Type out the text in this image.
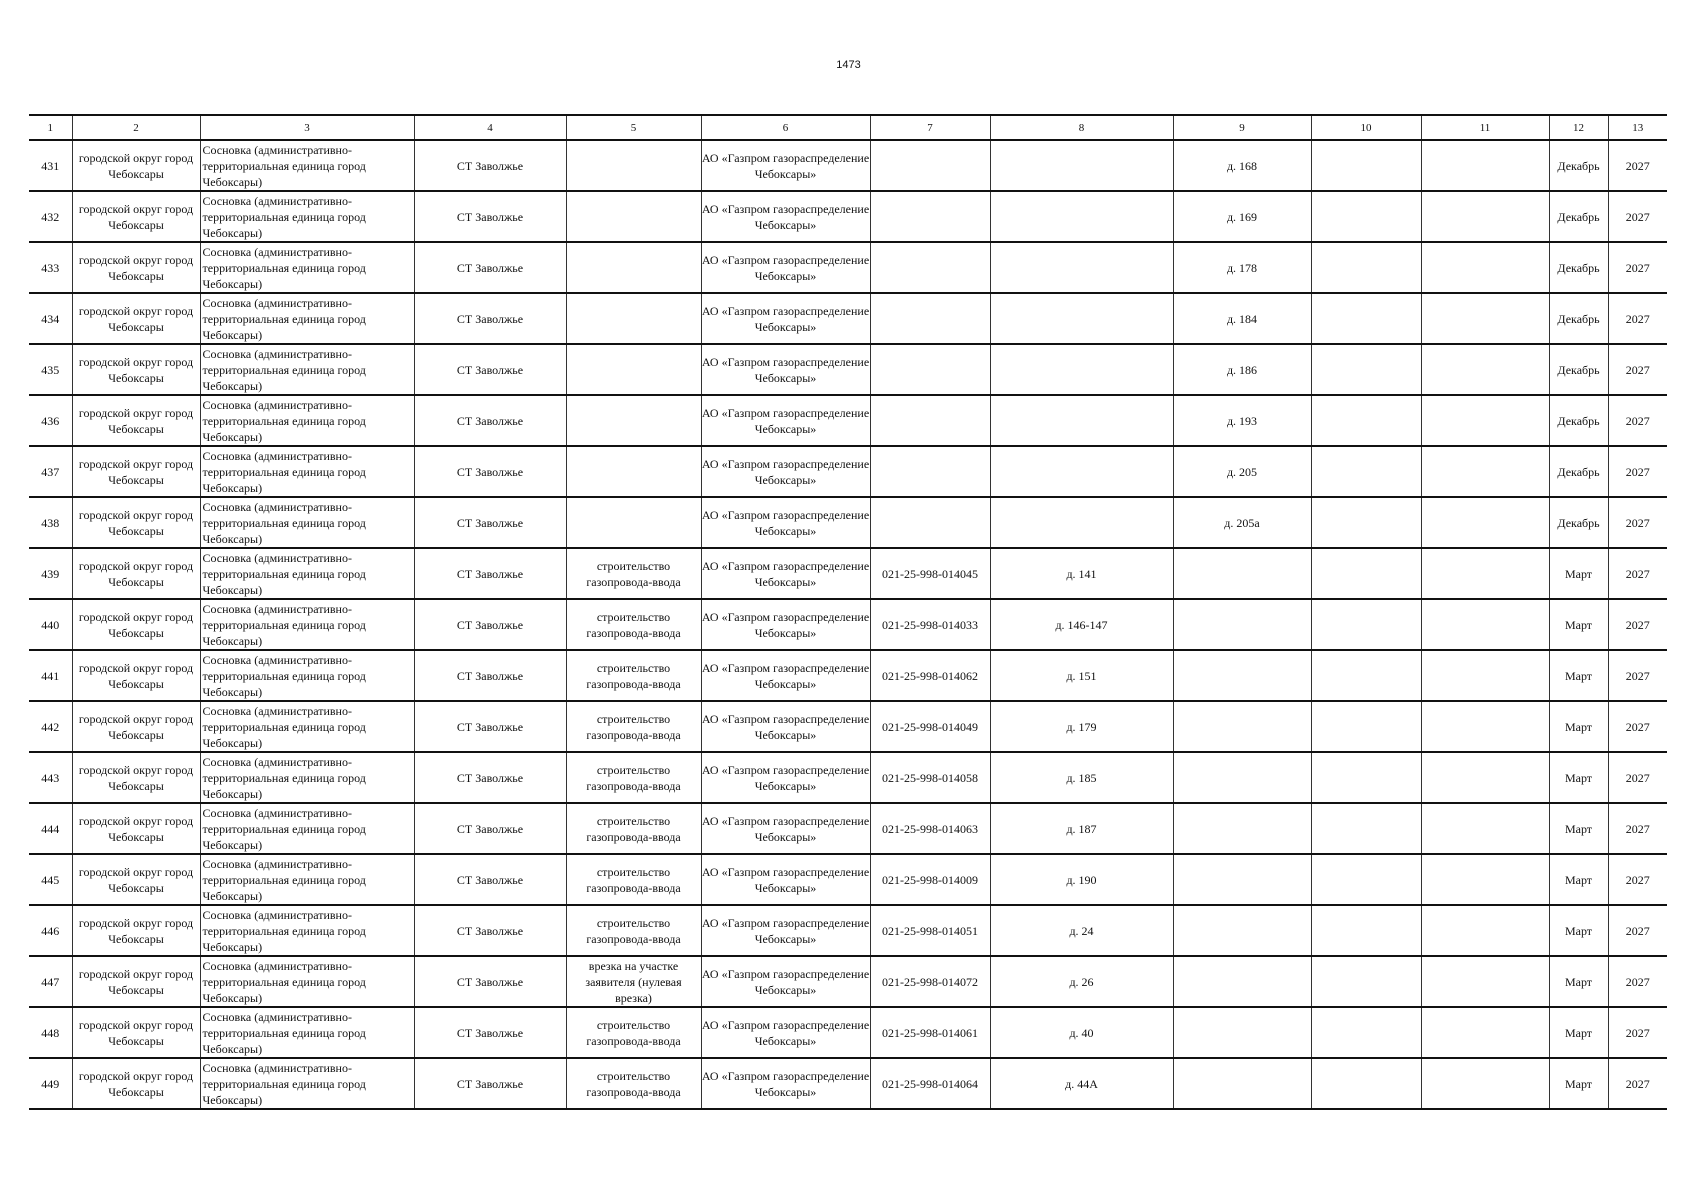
1473
1	2	3	4	5	6	7	8	9	10	11	12	13
431	городской округ город Чебоксары	Сосновка (административно-территориальная единица город Чебоксары)	СТ Заволжье		АО «Газпром газораспределение Чебоксары»			д. 168			Декабрь	2027
432	городской округ город Чебоксары	Сосновка (административно-территориальная единица город Чебоксары)	СТ Заволжье		АО «Газпром газораспределение Чебоксары»			д. 169			Декабрь	2027
433	городской округ город Чебоксары	Сосновка (административно-территориальная единица город Чебоксары)	СТ Заволжье		АО «Газпром газораспределение Чебоксары»			д. 178			Декабрь	2027
434	городской округ город Чебоксары	Сосновка (административно-территориальная единица город Чебоксары)	СТ Заволжье		АО «Газпром газораспределение Чебоксары»			д. 184			Декабрь	2027
435	городской округ город Чебоксары	Сосновка (административно-территориальная единица город Чебоксары)	СТ Заволжье		АО «Газпром газораспределение Чебоксары»			д. 186			Декабрь	2027
436	городской округ город Чебоксары	Сосновка (административно-территориальная единица город Чебоксары)	СТ Заволжье		АО «Газпром газораспределение Чебоксары»			д. 193			Декабрь	2027
437	городской округ город Чебоксары	Сосновка (административно-территориальная единица город Чебоксары)	СТ Заволжье		АО «Газпром газораспределение Чебоксары»			д. 205			Декабрь	2027
438	городской округ город Чебоксары	Сосновка (административно-территориальная единица город Чебоксары)	СТ Заволжье		АО «Газпром газораспределение Чебоксары»			д. 205а			Декабрь	2027
439	городской округ город Чебоксары	Сосновка (административно-территориальная единица город Чебоксары)	СТ Заволжье	строительство газопровода-ввода	АО «Газпром газораспределение Чебоксары»	021-25-998-014045	д. 141				Март	2027
440	городской округ город Чебоксары	Сосновка (административно-территориальная единица город Чебоксары)	СТ Заволжье	строительство газопровода-ввода	АО «Газпром газораспределение Чебоксары»	021-25-998-014033	д. 146-147				Март	2027
441	городской округ город Чебоксары	Сосновка (административно-территориальная единица город Чебоксары)	СТ Заволжье	строительство газопровода-ввода	АО «Газпром газораспределение Чебоксары»	021-25-998-014062	д. 151				Март	2027
442	городской округ город Чебоксары	Сосновка (административно-территориальная единица город Чебоксары)	СТ Заволжье	строительство газопровода-ввода	АО «Газпром газораспределение Чебоксары»	021-25-998-014049	д. 179				Март	2027
443	городской округ город Чебоксары	Сосновка (административно-территориальная единица город Чебоксары)	СТ Заволжье	строительство газопровода-ввода	АО «Газпром газораспределение Чебоксары»	021-25-998-014058	д. 185				Март	2027
444	городской округ город Чебоксары	Сосновка (административно-территориальная единица город Чебоксары)	СТ Заволжье	строительство газопровода-ввода	АО «Газпром газораспределение Чебоксары»	021-25-998-014063	д. 187				Март	2027
445	городской округ город Чебоксары	Сосновка (административно-территориальная единица город Чебоксары)	СТ Заволжье	строительство газопровода-ввода	АО «Газпром газораспределение Чебоксары»	021-25-998-014009	д. 190				Март	2027
446	городской округ город Чебоксары	Сосновка (административно-территориальная единица город Чебоксары)	СТ Заволжье	строительство газопровода-ввода	АО «Газпром газораспределение Чебоксары»	021-25-998-014051	д. 24				Март	2027
447	городской округ город Чебоксары	Сосновка (административно-территориальная единица город Чебоксары)	СТ Заволжье	врезка на участке заявителя (нулевая врезка)	АО «Газпром газораспределение Чебоксары»	021-25-998-014072	д. 26				Март	2027
448	городской округ город Чебоксары	Сосновка (административно-территориальная единица город Чебоксары)	СТ Заволжье	строительство газопровода-ввода	АО «Газпром газораспределение Чебоксары»	021-25-998-014061	д. 40				Март	2027
449	городской округ город Чебоксары	Сосновка (административно-территориальная единица город Чебоксары)	СТ Заволжье	строительство газопровода-ввода	АО «Газпром газораспределение Чебоксары»	021-25-998-014064	д. 44А				Март	2027
